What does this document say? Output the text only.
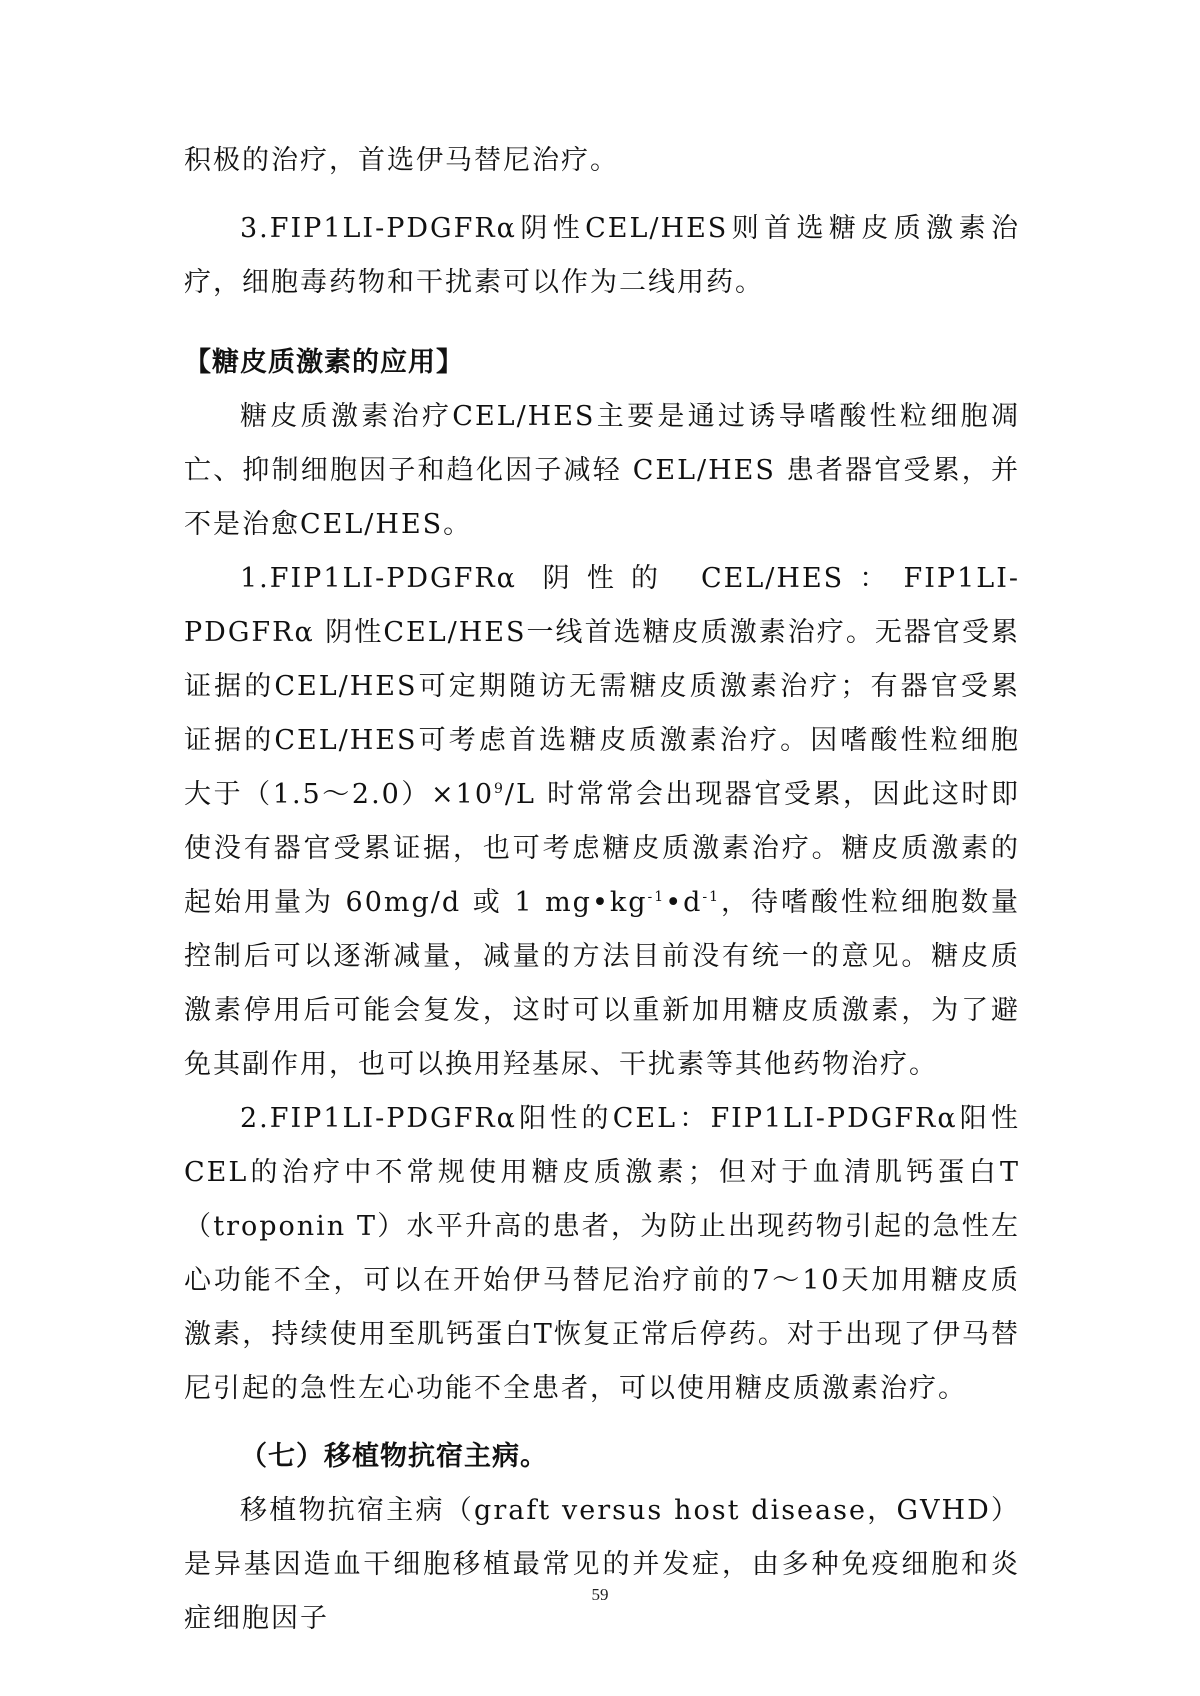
积极的治疗，首选伊马替尼治疗。

3.FIP1LI-PDGFRα阴性CEL/HES则首选糖皮质激素治疗，细胞毒药物和干扰素可以作为二线用药。

【糖皮质激素的应用】

糖皮质激素治疗CEL/HES主要是通过诱导嗜酸性粒细胞凋亡、抑制细胞因子和趋化因子减轻 CEL/HES 患者器官受累，并不是治愈CEL/HES。

1.FIP1LI-PDGFRα 阴性的 CEL/HES：FIP1LI-PDGFRα 阴性CEL/HES一线首选糖皮质激素治疗。无器官受累证据的CEL/HES可定期随访无需糖皮质激素治疗；有器官受累证据的CEL/HES可考虑首选糖皮质激素治疗。因嗜酸性粒细胞大于$(1.5\sim 2.0)\times 10^9/L$ 时常常会出现器官受累，因此这时即使没有器官受累证据，也可考虑糖皮质激素治疗。糖皮质激素的起始用量为 60mg/d 或 1 $mg•kg^{-1}•d^{-1}$，待嗜酸性粒细胞数量控制后可以逐渐减量，减量的方法目前没有统一的意见。糖皮质激素停用后可能会复发，这时可以重新加用糖皮质激素，为了避免其副作用，也可以换用羟基尿、干扰素等其他药物治疗。

2.FIP1LI-PDGFRα阳性的CEL：FIP1LI-PDGFRα阳性CEL的治疗中不常规使用糖皮质激素；但对于血清肌钙蛋白T（troponin T）水平升高的患者，为防止出现药物引起的急性左心功能不全，可以在开始伊马替尼治疗前的7～10天加用糖皮质激素，持续使用至肌钙蛋白T恢复正常后停药。对于出现了伊马替尼引起的急性左心功能不全患者，可以使用糖皮质激素治疗。

（七）移植物抗宿主病。

移植物抗宿主病（graft versus host disease，GVHD）是异基因造血干细胞移植最常见的并发症，由多种免疫细胞和炎症细胞因子

59
